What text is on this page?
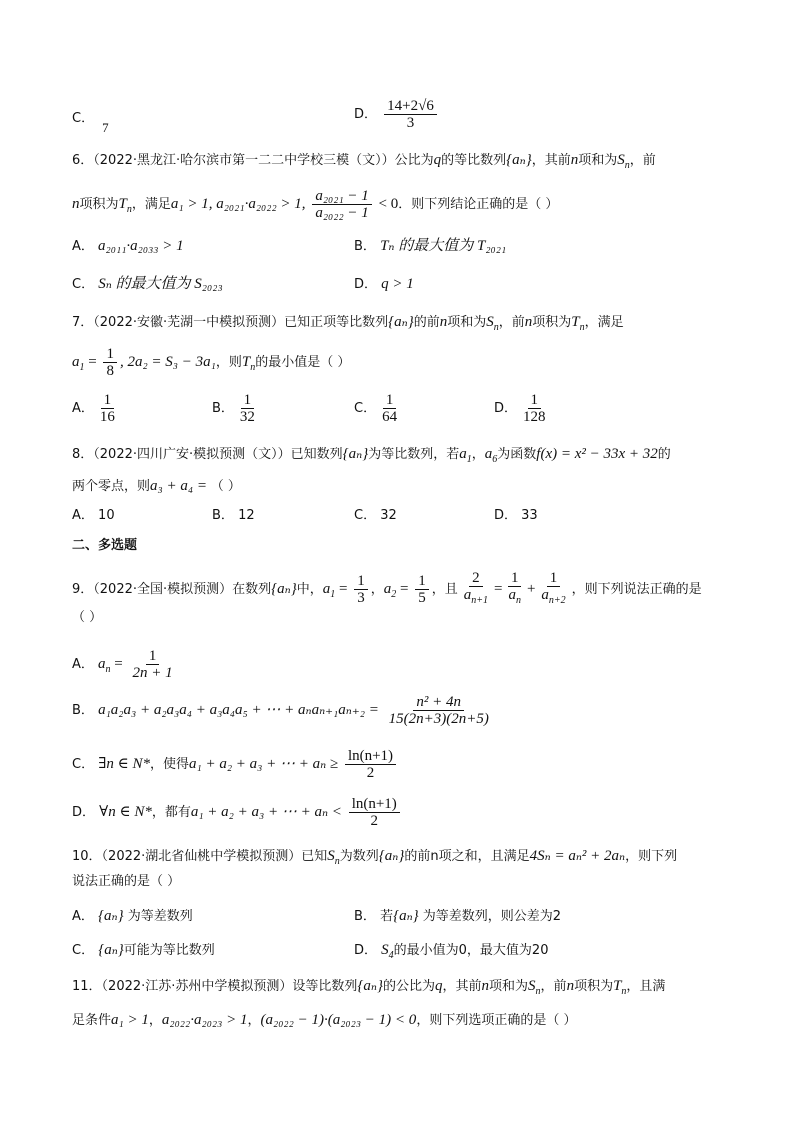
C．7
D． $\frac{14+2√6}{3}$
6．（2022·黑龙江·哈尔滨市第一二二中学校三模（文））公比为q的等比数列{aₙ}，其前n项和为$S_n$，前
n项积为$T_n$，满足a₁ > 1, a₂₀₂₁·a₂₀₂₂ > 1, $\frac{\text{a₂₀₂₁ − 1}}{\text{a₂₀₂₂ − 1}} < 0$．则下列结论正确的是（ ）
A． a₂₀₁₁·a₂₀₃₃ > 1	B． Tₙ 的最大值为 T₂₀₂₁
C． Sₙ 的最大值为 S₂₀₂₃	D． q > 1
7．（2022·安徽·芜湖一中模拟预测）已知正项等比数列{aₙ}的前n项和为$S_n$，前n项积为$T_n$，满足
$a_1 = \frac{1}{8}$ , 2a₂ = S₃ − 3a₁，则$T_n$的最小值是（ ）
A． $\frac{1}{16}$	B． $\frac{1}{32}$	C． $\frac{1}{64}$	D． $\frac{1}{128}$
8．（2022·四川广安·模拟预测（文））已知数列{aₙ}为等比数列，若$a_1$，$a_6$为函数f(x) = x² − 33x + 32的
两个零点，则a₃ + a₄ = （ ）
A． 10	B． 12	C． 32	D． 33
二、多选题
9．（2022·全国·模拟预测）在数列{aₙ}中，$a_1 = \frac{1}{3}$ ，$a_2 = \frac{1}{5}$ ，且 $\frac{2}{a_{n+1}} = \frac{1}{a_n} + \frac{1}{a_{n+2}}$ ，则下列说法正确的是
（ ）
A． $a_n = \frac{1}{2n + 1}$
B． a₁a₂a₃ + a₂a₃a₄ + a₃a₄a₅ + ⋯ + $a_na_{n+1}a_{n+2} = \frac{\text{n² + 4n}}{15(2n+3)(2n+5)}$
C． ∃n ∈ N*，使得a₁ + a₂ + a₃ + ⋯ + $a_n \ge \frac{\ln(n+1)}{2}$
D． ∀n ∈ N*，都有a₁ + a₂ + a₃ + ⋯ + $a_n < \frac{\ln(n+1)}{2}$
10．（2022·湖北省仙桃中学模拟预测）已知$S_n$为数列{aₙ}的前n项之和，且满足4Sₙ = aₙ² + 2aₙ，则下列
说法正确的是（ ）
A． {aₙ} 为等差数列	B． 若{aₙ} 为等差数列，则公差为2
C． {aₙ}可能为等比数列	D． $S_4$的最小值为0，最大值为20
11．（2022·江苏·苏州中学模拟预测）设等比数列{aₙ}的公比为q，其前n项和为$S_n$，前n项积为$T_n$，且满
足条件a₁ > 1，a₂₀₂₂·a₂₀₂₃ > 1，(a₂₀₂₂ − 1)·(a₂₀₂₃ − 1) < 0，则下列选项正确的是（ ）
